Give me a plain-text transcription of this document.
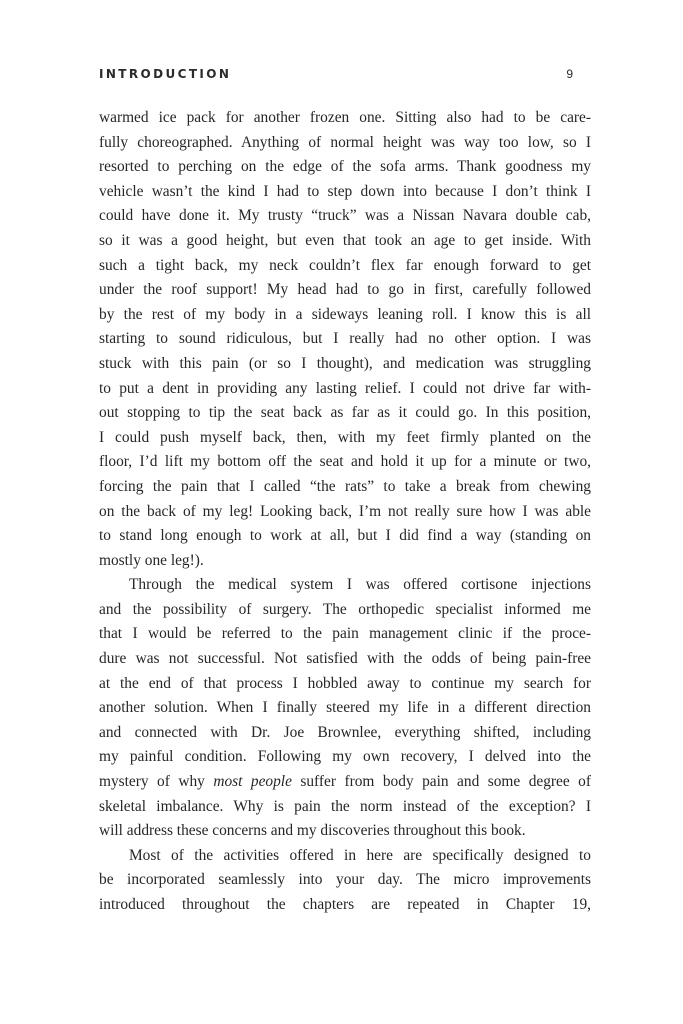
INTRODUCTION	9
warmed ice pack for another frozen one. Sitting also had to be care-
fully choreographed. Anything of normal height was way too low, so I
resorted to perching on the edge of the sofa arms. Thank goodness my
vehicle wasn’t the kind I had to step down into because I don’t think I
could have done it. My trusty “truck” was a Nissan Navara double cab,
so it was a good height, but even that took an age to get inside. With
such a tight back, my neck couldn’t flex far enough forward to get
under the roof support! My head had to go in first, carefully followed
by the rest of my body in a sideways leaning roll. I know this is all
starting to sound ridiculous, but I really had no other option. I was
stuck with this pain (or so I thought), and medication was struggling
to put a dent in providing any lasting relief. I could not drive far with-
out stopping to tip the seat back as far as it could go. In this position,
I could push myself back, then, with my feet firmly planted on the
floor, I’d lift my bottom off the seat and hold it up for a minute or two,
forcing the pain that I called “the rats” to take a break from chewing
on the back of my leg! Looking back, I’m not really sure how I was able
to stand long enough to work at all, but I did find a way (standing on
mostly one leg!).
Through the medical system I was offered cortisone injections
and the possibility of surgery. The orthopedic specialist informed me
that I would be referred to the pain management clinic if the proce-
dure was not successful. Not satisfied with the odds of being pain-free
at the end of that process I hobbled away to continue my search for
another solution. When I finally steered my life in a different direction
and connected with Dr. Joe Brownlee, everything shifted, including
my painful condition. Following my own recovery, I delved into the
mystery of why most people suffer from body pain and some degree of
skeletal imbalance. Why is pain the norm instead of the exception? I
will address these concerns and my discoveries throughout this book.
Most of the activities offered in here are specifically designed to
be incorporated seamlessly into your day. The micro improvements
introduced throughout the chapters are repeated in Chapter 19,
